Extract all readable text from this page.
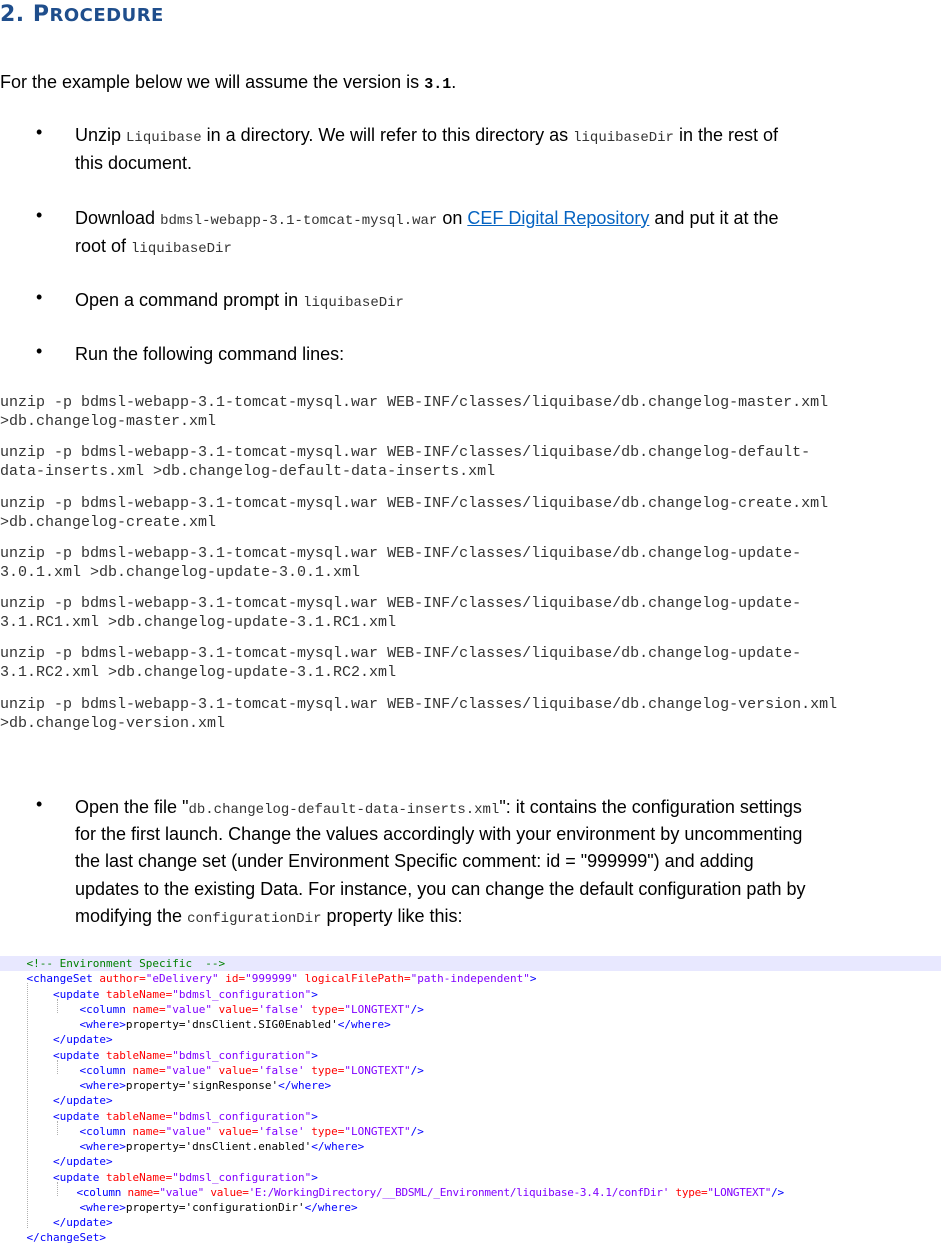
2. PROCEDURE
For the example below we will assume the version is 3.1.
• Unzip Liquibase in a directory. We will refer to this directory as liquibaseDir in the rest of
this document.
• Download bdmsl-webapp-3.1-tomcat-mysql.war on CEF Digital Repository and put it at the
root of liquibaseDir
• Open a command prompt in liquibaseDir
• Run the following command lines:
unzip -p bdmsl-webapp-3.1-tomcat-mysql.war WEB-INF/classes/liquibase/db.changelog-master.xml
>db.changelog-master.xml
unzip -p bdmsl-webapp-3.1-tomcat-mysql.war WEB-INF/classes/liquibase/db.changelog-default-
data-inserts.xml >db.changelog-default-data-inserts.xml
unzip -p bdmsl-webapp-3.1-tomcat-mysql.war WEB-INF/classes/liquibase/db.changelog-create.xml
>db.changelog-create.xml
unzip -p bdmsl-webapp-3.1-tomcat-mysql.war WEB-INF/classes/liquibase/db.changelog-update-
3.0.1.xml >db.changelog-update-3.0.1.xml
unzip -p bdmsl-webapp-3.1-tomcat-mysql.war WEB-INF/classes/liquibase/db.changelog-update-
3.1.RC1.xml >db.changelog-update-3.1.RC1.xml
unzip -p bdmsl-webapp-3.1-tomcat-mysql.war WEB-INF/classes/liquibase/db.changelog-update-
3.1.RC2.xml >db.changelog-update-3.1.RC2.xml
unzip -p bdmsl-webapp-3.1-tomcat-mysql.war WEB-INF/classes/liquibase/db.changelog-version.xml
>db.changelog-version.xml
• Open the file "db.changelog-default-data-inserts.xml": it contains the configuration settings
for the first launch. Change the values accordingly with your environment by uncommenting
the last change set (under Environment Specific comment: id = "999999") and adding
updates to the existing Data. For instance, you can change the default configuration path by
modifying the configurationDir property like this:
<!-- Environment Specific  -->
<changeSet author="eDelivery" id="999999" logicalFilePath="path-independent">
<update tableName="bdmsl_configuration">
<column name="value" value='false' type="LONGTEXT"/>
<where>property='dnsClient.SIG0Enabled'</where>
</update>
<update tableName="bdmsl_configuration">
<column name="value" value='false' type="LONGTEXT"/>
<where>property='signResponse'</where>
</update>
<update tableName="bdmsl_configuration">
<column name="value" value='false' type="LONGTEXT"/>
<where>property='dnsClient.enabled'</where>
</update>
<update tableName="bdmsl_configuration">
<column name="value" value='E:/WorkingDirectory/__BDSML/_Environment/liquibase-3.4.1/confDir' type="LONGTEXT"/>
<where>property='configurationDir'</where>
</update>
</changeSet>
